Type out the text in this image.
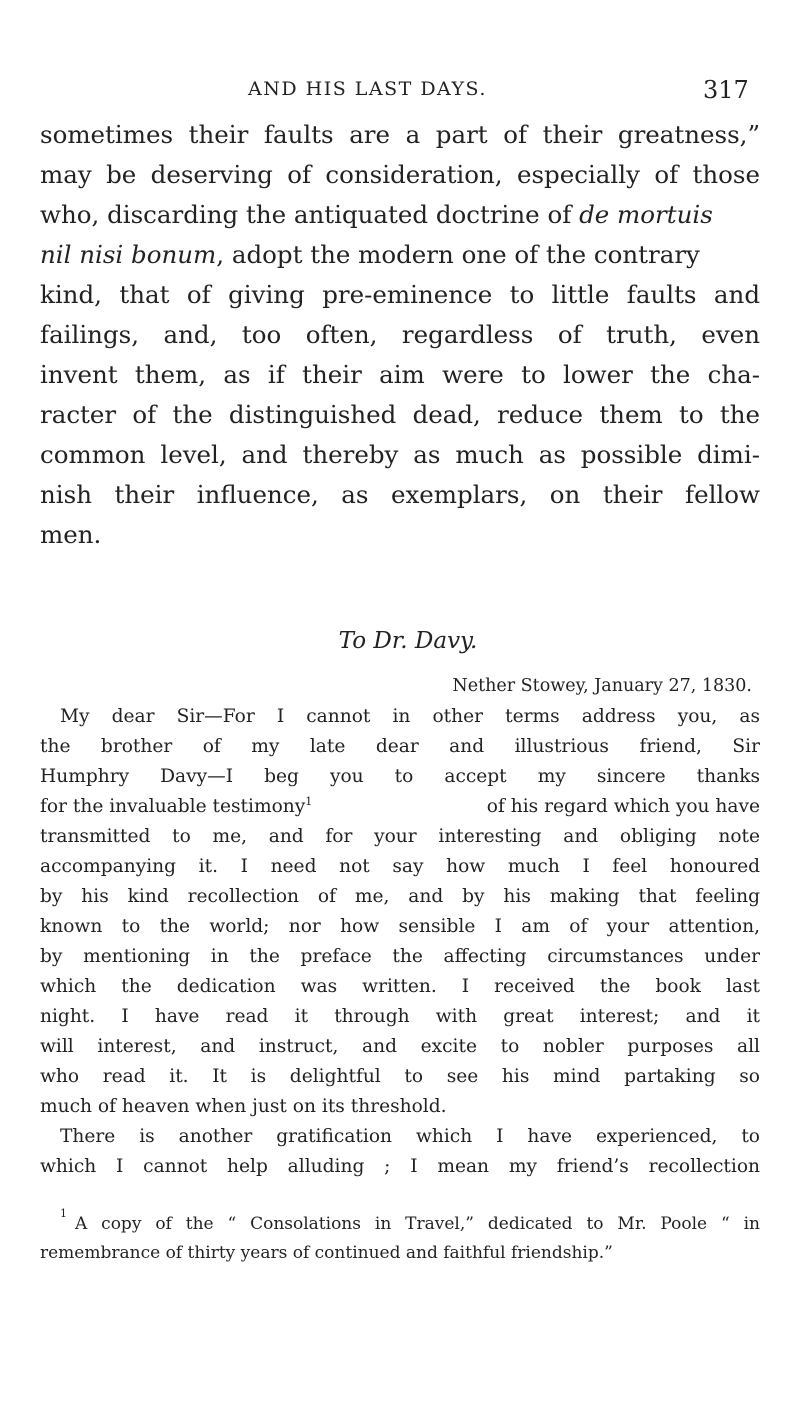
AND HIS LAST DAYS.	317
sometimes their faults are a part of their greatness,”
may be deserving of consideration, especially of those
who, discarding the antiquated doctrine of de mortuis
nil nisi bonum, adopt the modern one of the contrary
kind, that of giving pre-eminence to little faults and
failings, and, too often, regardless of truth, even
invent them, as if their aim were to lower the cha-
racter of the distinguished dead, reduce them to the
common level, and thereby as much as possible dimi-
nish their influence, as exemplars, on their fellow
men.
To Dr. Davy.
Nether Stowey, January 27, 1830.
My dear Sir—For I cannot in other terms address you, as
the brother of my late dear and illustrious friend, Sir
Humphry Davy—I beg you to accept my sincere thanks
for the invaluable testimony$^1$	of his regard which you have
transmitted to me, and for your interesting and obliging note
accompanying it. I need not say how much I feel honoured
by his kind recollection of me, and by his making that feeling
known to the world; nor how sensible I am of your attention,
by mentioning in the preface the affecting circumstances under
which the dedication was written. I received the book last
night. I have read it through with great interest; and it
will interest, and instruct, and excite to nobler purposes all
who read it. It is delightful to see his mind partaking so
much of heaven when just on its threshold.
There is another gratification which I have experienced, to
which I cannot help alluding ; I mean my friend’s recollection
1
A copy of the “ Consolations in Travel,” dedicated to Mr. Poole “ in
remembrance of thirty years of continued and faithful friendship.”
